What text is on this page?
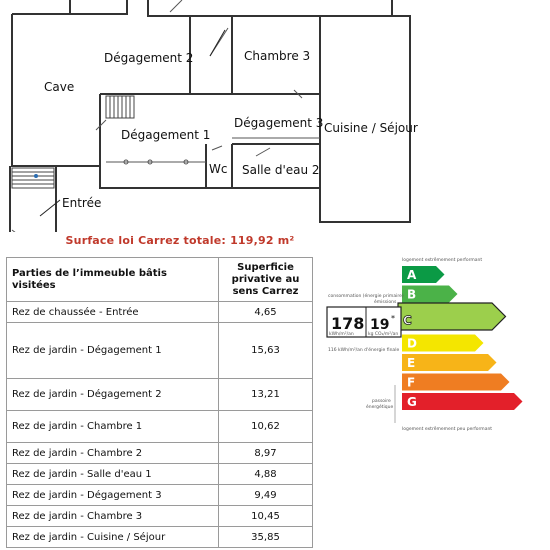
Cave
Dégagement 2	Chambre 3
Dégagement 1
Dégagement 3 Cuisine / Séjour
Wc Salle d'eau 2
Entrée
Surface loi Carrez totale: 119,92 m²
Parties de l’immeuble bâtis visitées	Superficie
privative au
sens Carrez

Rez de chaussée - Entrée	4,65
Rez de jardin - Dégagement 1	15,63
Rez de jardin - Dégagement 2	13,21
Rez de jardin - Chambre 1	10,62
Rez de jardin - Chambre 2	8,97
Rez de jardin - Salle d'eau 1	4,88
Rez de jardin - Dégagement 3	9,49
Rez de jardin - Chambre 3	10,45
Rez de jardin - Cuisine / Séjour	35,85
logement extrêmement performant
logement extrêmement peu performant
A
B
C
D
E
F
G
consommation (énergie primaire)
émissions
178 19 *
kWh/m²/an	kg CO₂/m²/an
116 kWh/m²/an d'énergie finale
passoire
énergétique
